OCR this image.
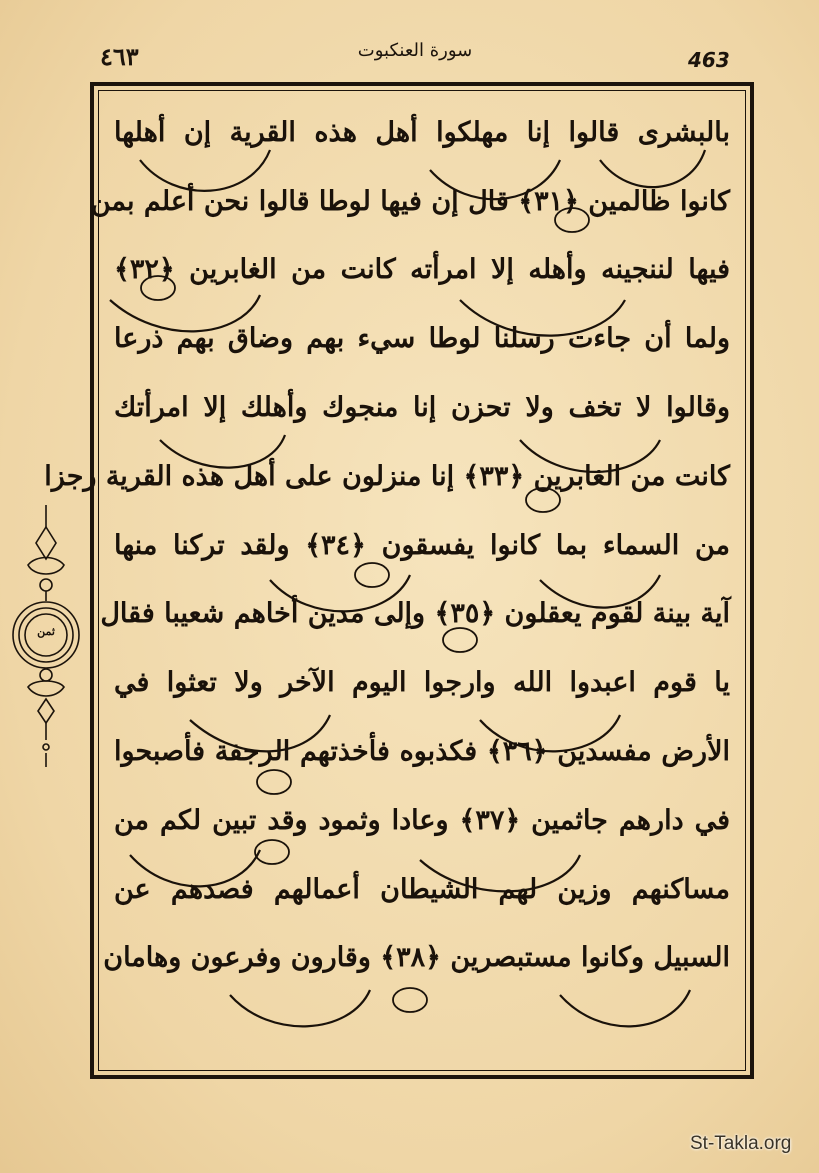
٤٦٣	سورة العنكبوت	463
بالبشرى قالوا إنا مهلكوا أهل هذه القرية إن أهلها
كانوا ظالمين ﴿٣١﴾ قال إن فيها لوطا قالوا نحن أعلم بمن
فيها لننجينه وأهله إلا امرأته كانت من الغابرين ﴿٣٢﴾
ولما أن جاءت رسلنا لوطا سيء بهم وضاق بهم ذرعا
وقالوا لا تخف ولا تحزن إنا منجوك وأهلك إلا امرأتك
كانت من الغابرين ﴿٣٣﴾ إنا منزلون على أهل هذه القرية رجزا
من السماء بما كانوا يفسقون ﴿٣٤﴾ ولقد تركنا منها
آية بينة لقوم يعقلون ﴿٣٥﴾ وإلى مدين أخاهم شعيبا فقال
يا قوم اعبدوا الله وارجوا اليوم الآخر ولا تعثوا في
الأرض مفسدين ﴿٣٦﴾ فكذبوه فأخذتهم الرجفة فأصبحوا
في دارهم جاثمين ﴿٣٧﴾ وعادا وثمود وقد تبين لكم من
مساكنهم وزين لهم الشيطان أعمالهم فصدهم عن
السبيل وكانوا مستبصرين ﴿٣٨﴾ وقارون وفرعون وهامان
ثمن
St-Takla.org
